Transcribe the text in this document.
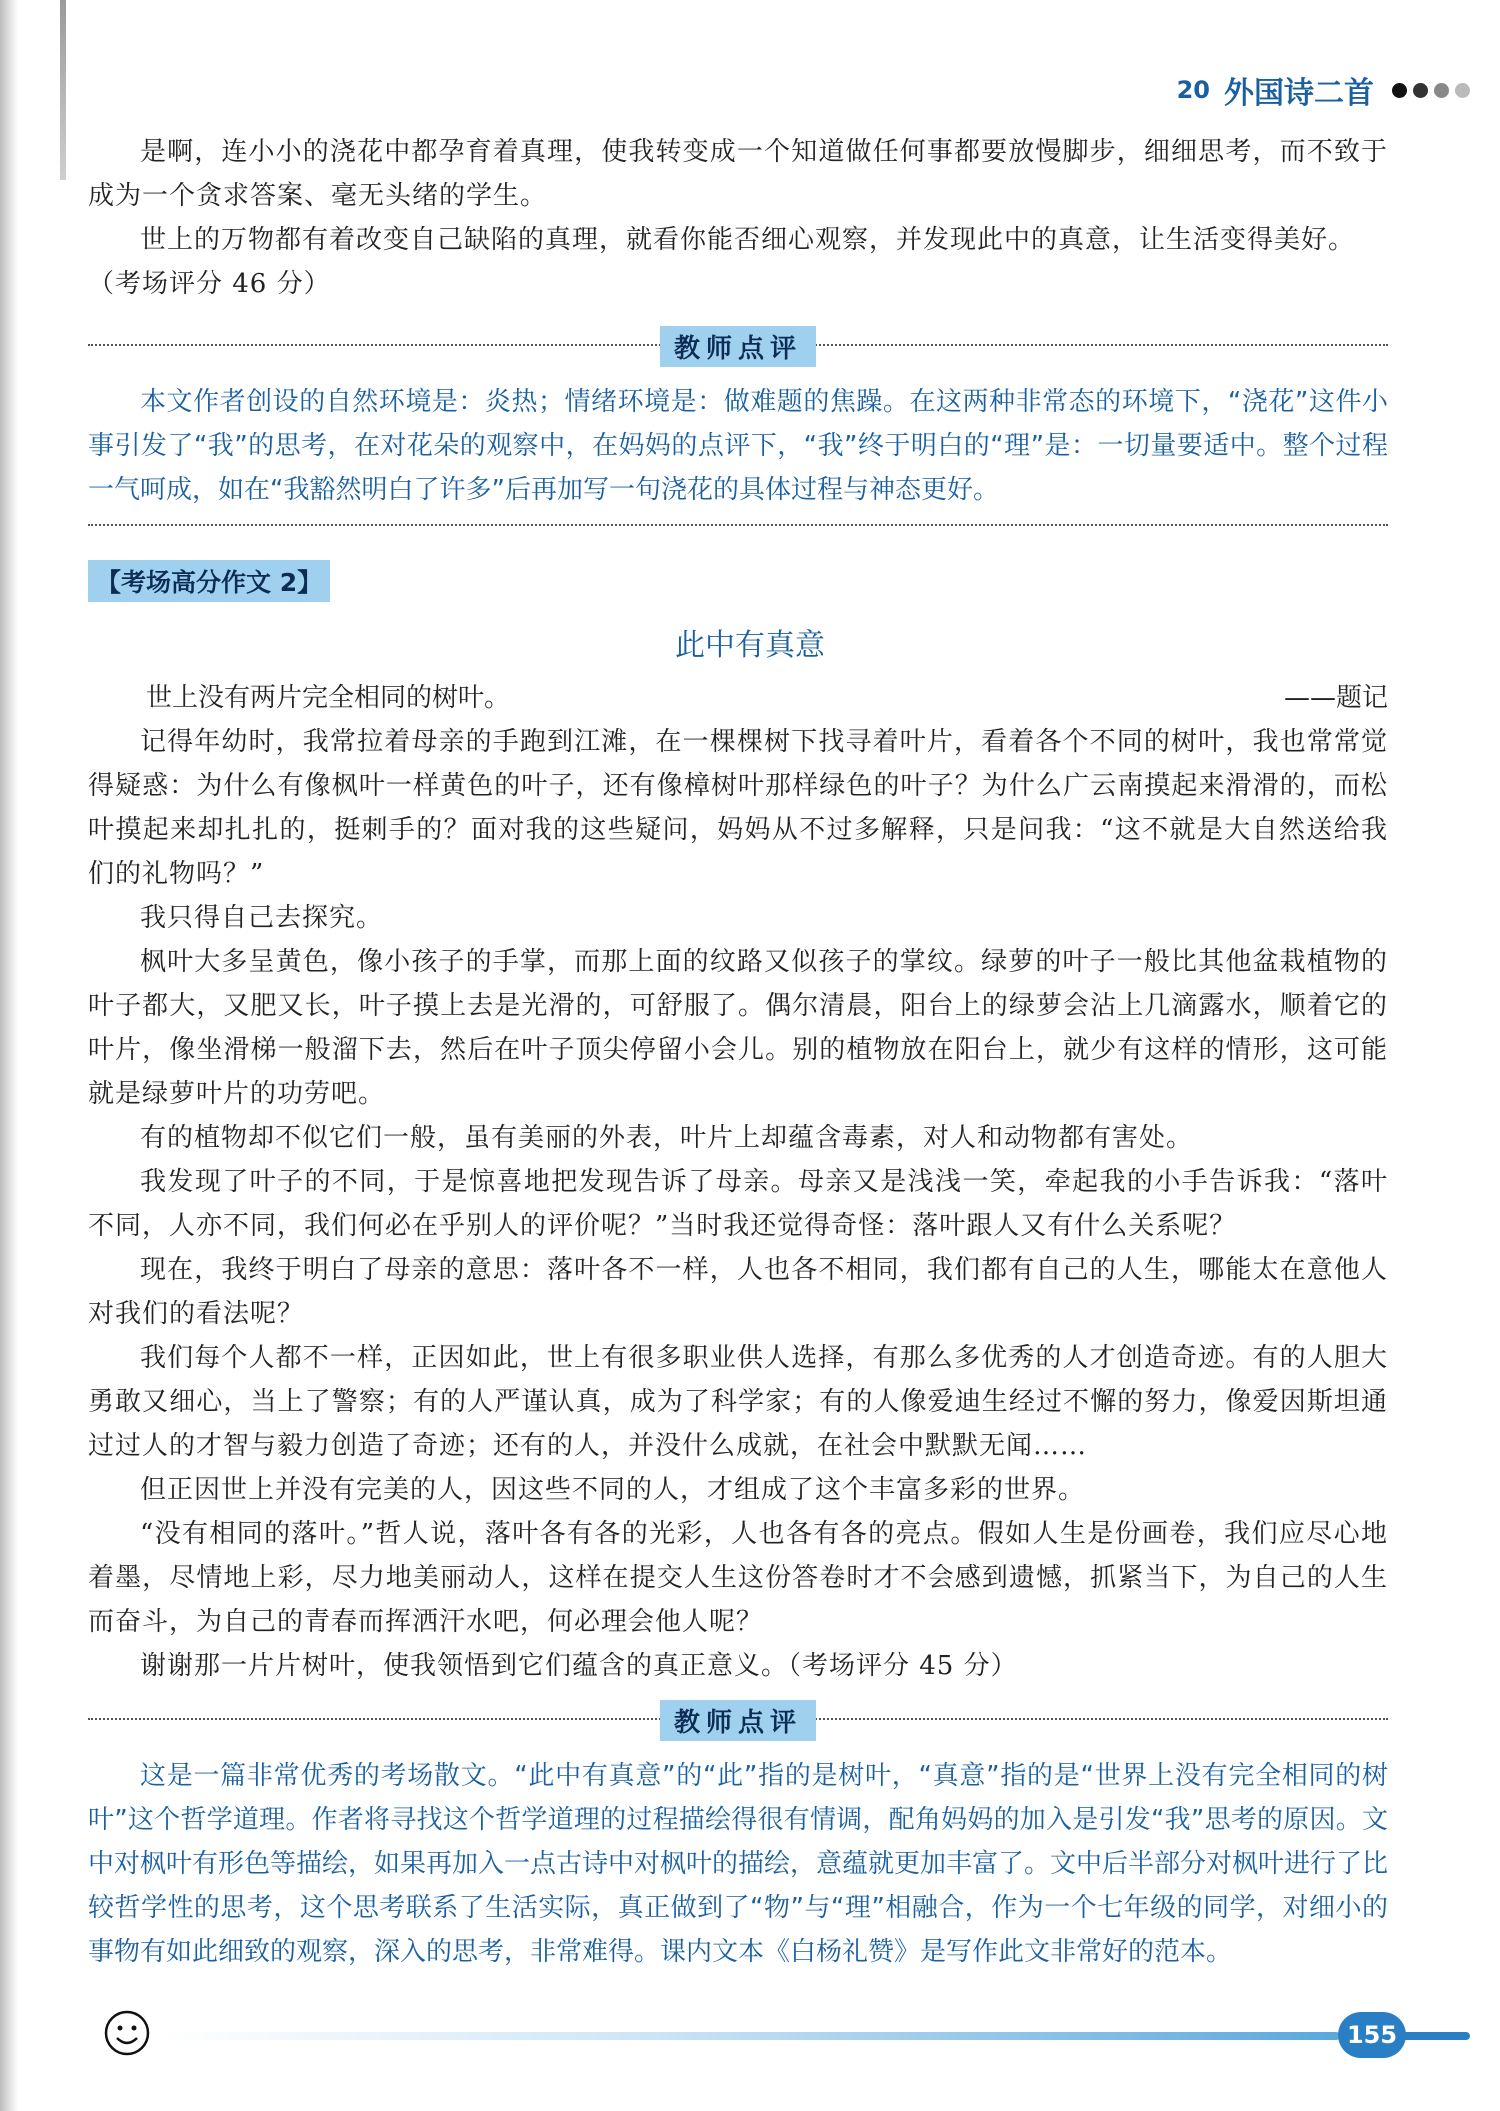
20 外国诗二首

是啊，连小小的浇花中都孕育着真理，使我转变成一个知道做任何事都要放慢脚步，细细思考，而不致于成为一个贪求答案、毫无头绪的学生。

世上的万物都有着改变自己缺陷的真理，就看你能否细心观察，并发现此中的真意，让生活变得美好。

（考场评分 46 分）

教师点评

本文作者创设的自然环境是：炎热；情绪环境是：做难题的焦躁。在这两种非常态的环境下，“浇花”这件小事引发了“我”的思考，在对花朵的观察中，在妈妈的点评下，“我”终于明白的“理”是：一切量要适中。整个过程一气呵成，如在“我豁然明白了许多”后再加写一句浇花的具体过程与神态更好。

【考场高分作文 2】
此中有真意
世上没有两片完全相同的树叶。	——题记

记得年幼时，我常拉着母亲的手跑到江滩，在一棵棵树下找寻着叶片，看着各个不同的树叶，我也常常觉得疑惑：为什么有像枫叶一样黄色的叶子，还有像樟树叶那样绿色的叶子？为什么广云南摸起来滑滑的，而松叶摸起来却扎扎的，挺刺手的？面对我的这些疑问，妈妈从不过多解释，只是问我：“这不就是大自然送给我们的礼物吗？”

我只得自己去探究。

枫叶大多呈黄色，像小孩子的手掌，而那上面的纹路又似孩子的掌纹。绿萝的叶子一般比其他盆栽植物的叶子都大，又肥又长，叶子摸上去是光滑的，可舒服了。偶尔清晨，阳台上的绿萝会沾上几滴露水，顺着它的叶片，像坐滑梯一般溜下去，然后在叶子顶尖停留小会儿。别的植物放在阳台上，就少有这样的情形，这可能就是绿萝叶片的功劳吧。

有的植物却不似它们一般，虽有美丽的外表，叶片上却蕴含毒素，对人和动物都有害处。

我发现了叶子的不同，于是惊喜地把发现告诉了母亲。母亲又是浅浅一笑，牵起我的小手告诉我：“落叶不同，人亦不同，我们何必在乎别人的评价呢？”当时我还觉得奇怪：落叶跟人又有什么关系呢？

现在，我终于明白了母亲的意思：落叶各不一样，人也各不相同，我们都有自己的人生，哪能太在意他人对我们的看法呢？

我们每个人都不一样，正因如此，世上有很多职业供人选择，有那么多优秀的人才创造奇迹。有的人胆大勇敢又细心，当上了警察；有的人严谨认真，成为了科学家；有的人像爱迪生经过不懈的努力，像爱因斯坦通过过人的才智与毅力创造了奇迹；还有的人，并没什么成就，在社会中默默无闻……

但正因世上并没有完美的人，因这些不同的人，才组成了这个丰富多彩的世界。

“没有相同的落叶。”哲人说，落叶各有各的光彩，人也各有各的亮点。假如人生是份画卷，我们应尽心地着墨，尽情地上彩，尽力地美丽动人，这样在提交人生这份答卷时才不会感到遗憾，抓紧当下，为自己的人生而奋斗，为自己的青春而挥洒汗水吧，何必理会他人呢？

谢谢那一片片树叶，使我领悟到它们蕴含的真正意义。（考场评分 45 分）

教师点评

这是一篇非常优秀的考场散文。“此中有真意”的“此”指的是树叶，“真意”指的是“世界上没有完全相同的树叶”这个哲学道理。作者将寻找这个哲学道理的过程描绘得很有情调，配角妈妈的加入是引发“我”思考的原因。文中对枫叶有形色等描绘，如果再加入一点古诗中对枫叶的描绘，意蕴就更加丰富了。文中后半部分对枫叶进行了比较哲学性的思考，这个思考联系了生活实际，真正做到了“物”与“理”相融合，作为一个七年级的同学，对细小的事物有如此细致的观察，深入的思考，非常难得。课内文本《白杨礼赞》是写作此文非常好的范本。

155
